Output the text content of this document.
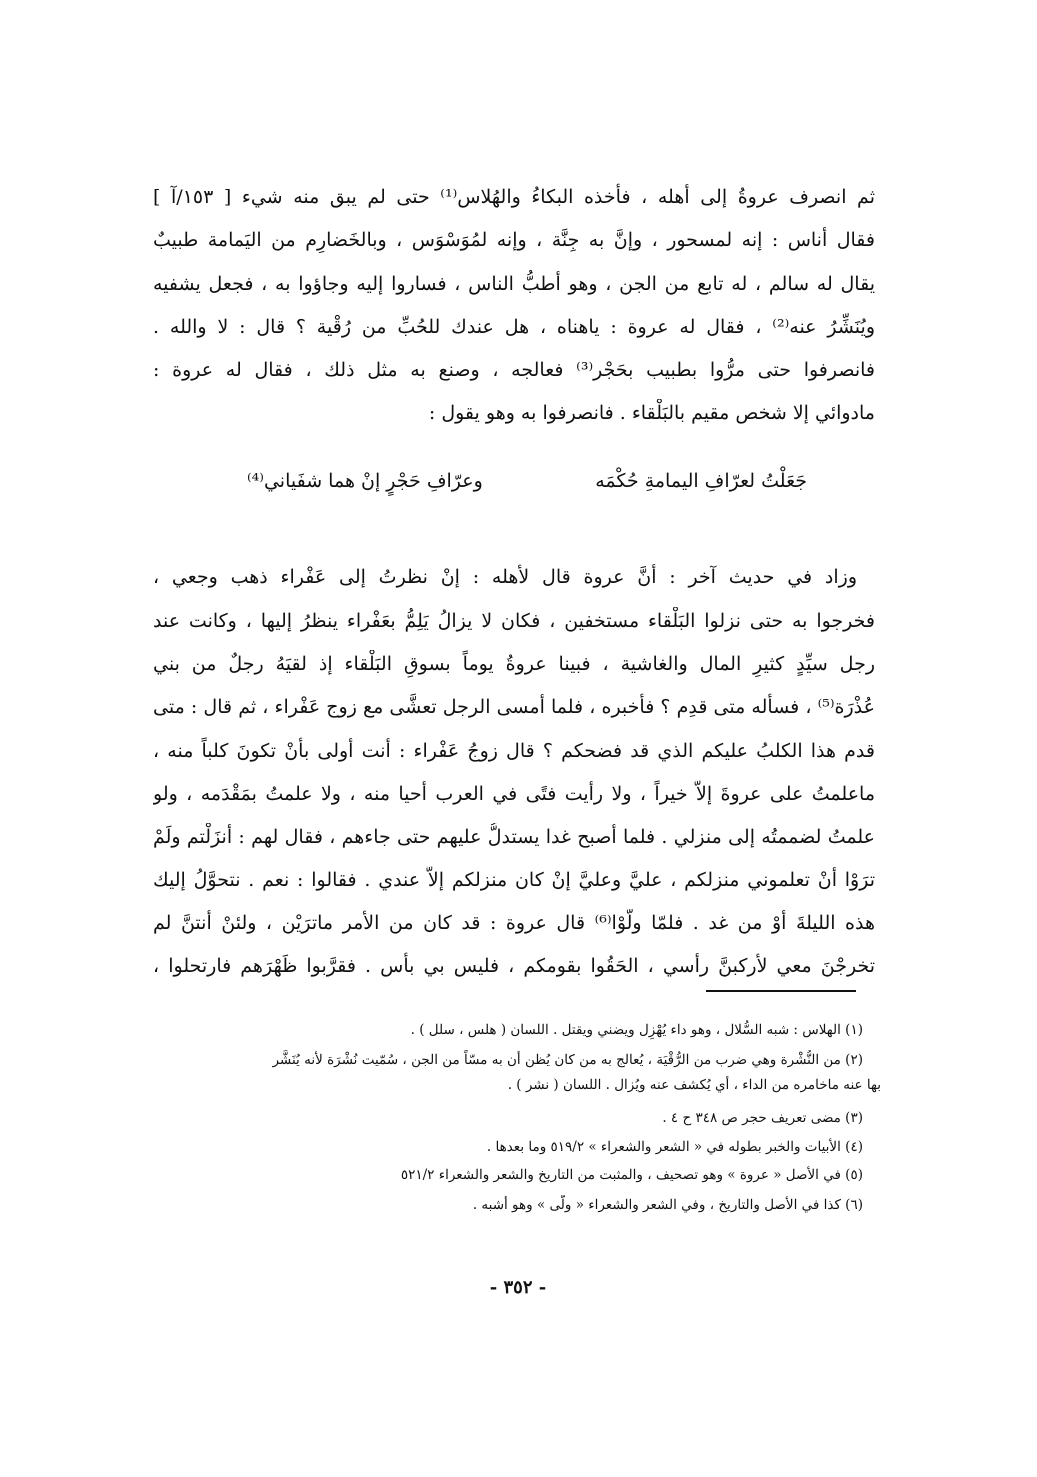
ثم انصرف عروةُ إلى أهله ، فأخذه البكاءُ والهُلاس⁽¹⁾ حتى لم يبق منه شيء [ ١٥٣/آ ]
فقال أناس : إنه لمسحور ، وإنَّ به جِنَّة ، وإنه لمُوَسْوَس ، وبالخَضارِم من اليَمامة طبيبٌ
يقال له سالم ، له تابع من الجن ، وهو أطبُّ الناس ، فساروا إليه وجاؤوا به ، فجعل يشفيه
ويُنَشِّرُ عنه⁽²⁾ ، فقال له عروة : ياهناه ، هل عندك للحُبِّ من رُقْية ؟ قال : لا والله .
فانصرفوا حتى مرُّوا بطبيب بحَجْر⁽³⁾ فعالجه ، وصنع به مثل ذلك ، فقال له عروة :
مادوائي إلا شخص مقيم بالبَلْقاء . فانصرفوا به وهو يقول :
جَعَلْتُ لعرّافِ اليمامةِ حُكْمَه
وعرّافِ حَجْرٍ إنْ هما شفَياني⁽⁴⁾
وزاد في حديث آخر : أنَّ عروة قال لأهله : إنْ نظرتُ إلى عَفْراء ذهب وجعي ،
فخرجوا به حتى نزلوا البَلْقاء مستخفين ، فكان لا يزالُ يَلِمُّ بعَفْراء ينظرُ إليها ، وكانت عند
رجل سيِّدٍ كثيرِ المال والغاشية ، فبينا عروةُ يوماً بسوقِ البَلْقاء إذ لقيَهُ رجلٌ من بني
عُذْرَة⁽⁵⁾ ، فسأله متى قدِم ؟ فأخبره ، فلما أمسى الرجل تعشَّى مع زوج عَفْراء ، ثم قال : متى
قدم هذا الكلبُ عليكم الذي قد فضحكم ؟ قال زوجُ عَفْراء : أنت أولى بأنْ تكونَ كلباً منه ،
ماعلمتُ على عروةَ إلاَّ خيراً ، ولا رأيت فتًى في العرب أحيا منه ، ولا علمتُ بمَقْدَمه ، ولو
علمتُ لضممتُه إلى منزلي . فلما أصبح غدا يستدلُّ عليهم حتى جاءهم ، فقال لهم : أنزَلْتم ولَمْ
ترَوْا أنْ تعلموني منزلكم ، عليَّ وعليَّ إنْ كان منزلكم إلاَّ عندي . فقالوا : نعم . نتحوَّلُ إليك
هذه الليلةَ أوْ من غد . فلمّا ولَّوْا⁽⁶⁾ قال عروة : قد كان من الأمر ماترَيْن ، ولئنْ أنتنَّ لم
تخرجْنَ معي لأركبنَّ رأسي ، الحَقُوا بقومكم ، فليس بي بأس . فقرَّبوا ظَهْرَهم فارتحلوا ،
(١) الهلاس : شبه السُّلال ، وهو داء يُهْزِل ويضني ويقتل . اللسان ( هلس ، سلل ) .
(٢) من النُّشْرة وهي ضرب من الرُّقْيَة ، يُعالج به من كان يُظن أن به مسّاً من الجن ، سُمّيت نُشْرَة لأنه يُنَشَّر
بها عنه ماخامره من الداء ، أي يُكشف عنه ويُزال . اللسان ( نشر ) .
(٣) مضى تعريف حجر ص ٣٤٨ ح ٤ .
(٤) الأبيات والخبر بطوله في « الشعر والشعراء » ٥١٩/٢ وما بعدها .
(٥) في الأصل « عروة » وهو تصحيف ، والمثبت من التاريخ والشعر والشعراء ٥٢١/٢
(٦) كذا في الأصل والتاريخ ، وفي الشعر والشعراء « ولَّى » وهو أشبه .
- ٣٥٢ -
